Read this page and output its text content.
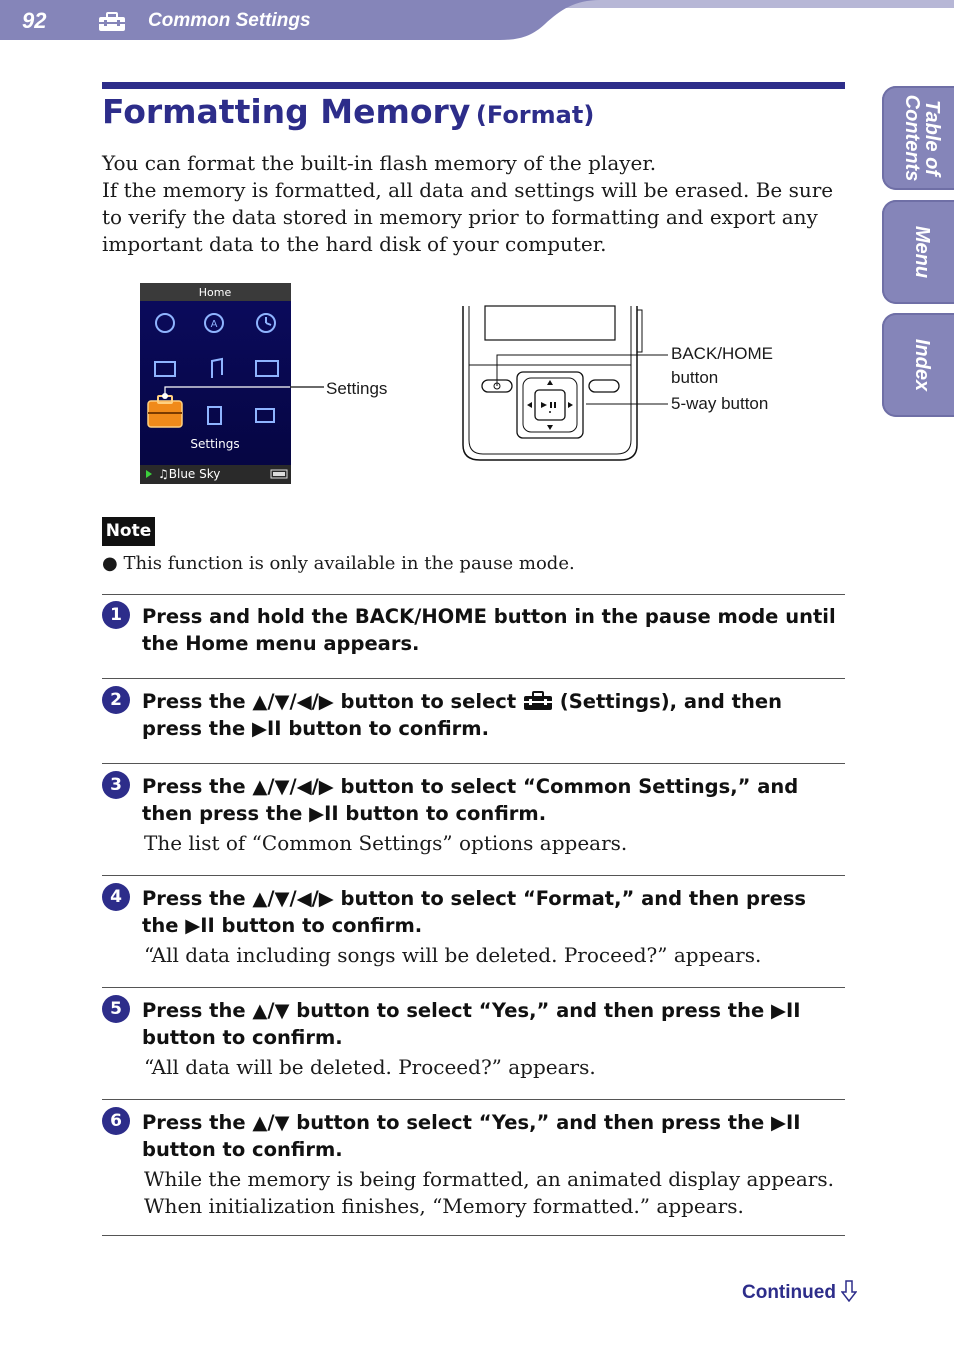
92	Common Settings
Table of Contents
Menu
Index
Formatting Memory (Format)
You can format the built-in flash memory of the player.
If the memory is formatted, all data and settings will be erased. Be sure to verify the data stored in memory prior to formatting and export any important data to the hard disk of your computer.
Home
A
Settings
♫Blue Sky
Settings
BACK/HOME
button
5-way button
Note
● This function is only available in the pause mode.
1	Press and hold the BACK/HOME button in the pause mode until the Home menu appears.
2	Press the ▲/▼/◀/▶ button to select (Settings), and then press the ▶II button to confirm.
3	Press the ▲/▼/◀/▶ button to select “Common Settings,” and then press the ▶II button to confirm.
The list of “Common Settings” options appears.
4	Press the ▲/▼/◀/▶ button to select “Format,” and then press the ▶II button to confirm.
“All data including songs will be deleted. Proceed?” appears.
5	Press the ▲/▼ button to select “Yes,” and then press the ▶II button to confirm.
“All data will be deleted. Proceed?” appears.
6	Press the ▲/▼ button to select “Yes,” and then press the ▶II button to confirm.
While the memory is being formatted, an animated display appears.
When initialization finishes, “Memory formatted.” appears.
Continued
